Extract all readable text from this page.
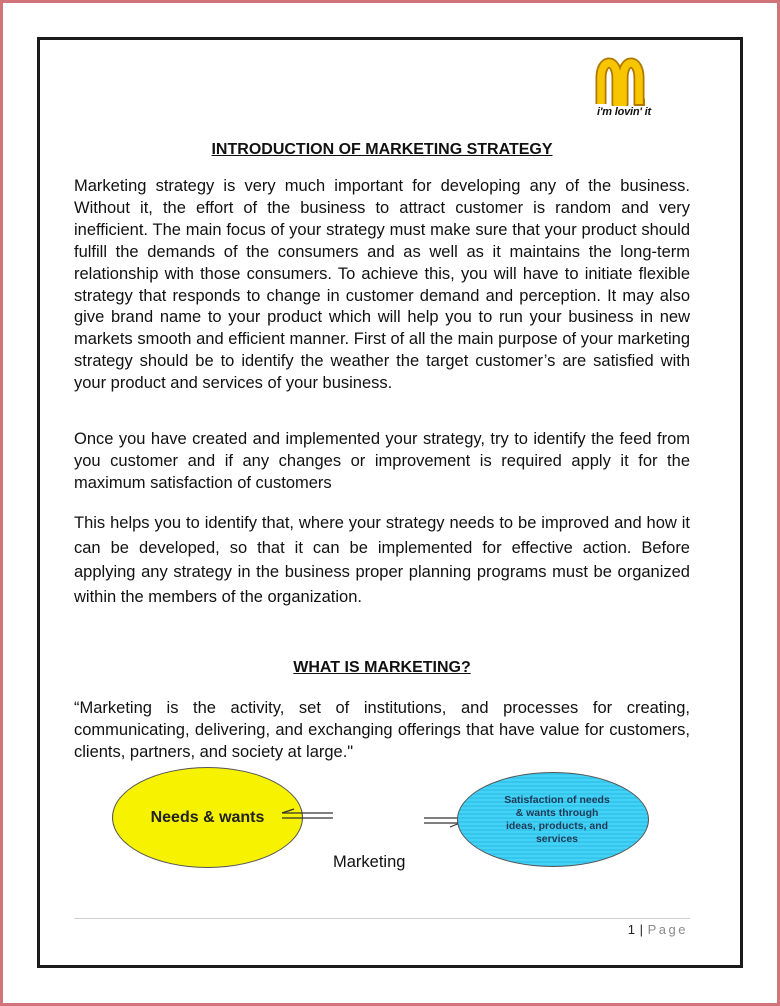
i'm lovin' it
INTRODUCTION OF MARKETING STRATEGY

Marketing strategy is very much important for developing any of the business. Without it, the effort of the business to attract customer is random and very inefficient. The main focus of your strategy must make sure that your product should fulfill the demands of the consumers and as well as it maintains the long-term relationship with those consumers. To achieve this, you will have to initiate flexible strategy that responds to change in customer demand and perception. It may also give brand name to your product which will help you to run your business in new markets smooth and efficient manner. First of all the main purpose of your marketing strategy should be to identify the weather the target customer’s are satisfied with your product and services of your business.

Once you have created and implemented your strategy, try to identify the feed from you customer and if any changes or improvement is required apply it for the maximum satisfaction of customers

This helps you to identify that, where your strategy needs to be improved and how it can be developed, so that it can be implemented for effective action. Before applying any strategy in the business proper planning programs must be organized within the members of the organization.

WHAT IS MARKETING?

“Marketing is the activity, set of institutions, and processes for creating, communicating, delivering, and exchanging offerings that have value for customers, clients, partners, and society at large."

Needs & wants
Satisfaction of needs & wants through ideas, products, and services
Marketing
1 | Page
